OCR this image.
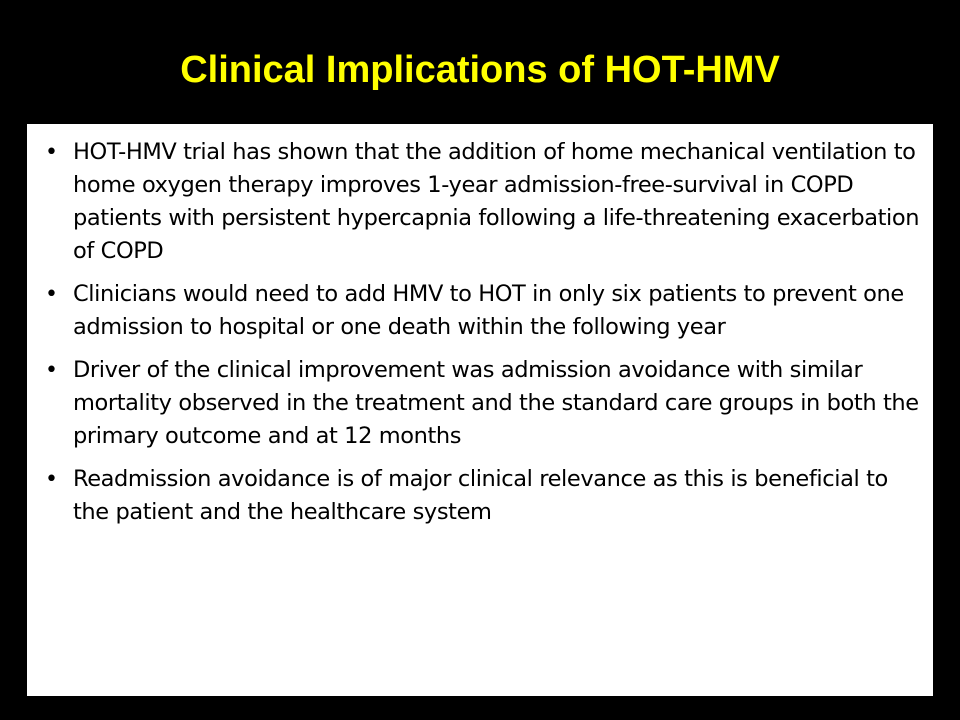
Clinical Implications of HOT-HMV
• HOT-HMV trial has shown that the addition of home mechanical ventilation to home oxygen therapy improves 1-year admission-free-survival in COPD patients with persistent hypercapnia following a life-threatening exacerbation of COPD
• Clinicians would need to add HMV to HOT in only six patients to prevent one admission to hospital or one death within the following year
• Driver of the clinical improvement was admission avoidance with similar mortality observed in the treatment and the standard care groups in both the primary outcome and at 12 months
• Readmission avoidance is of major clinical relevance as this is beneficial to the patient and the healthcare system
